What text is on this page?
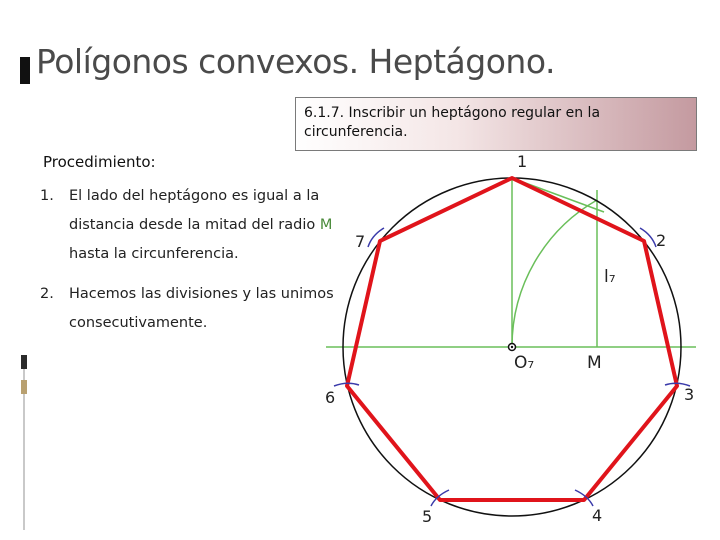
Polígonos convexos. Heptágono.
6.1.7. Inscribir un heptágono regular en la circunferencia.
Procedimiento:
1. El lado del heptágono es igual a la distancia desde la mitad del radio M hasta la circunferencia.
2. Hacemos las divisiones y las unimos consecutivamente.
1
2
3
4
5
6
7
O₇	M
l₇
